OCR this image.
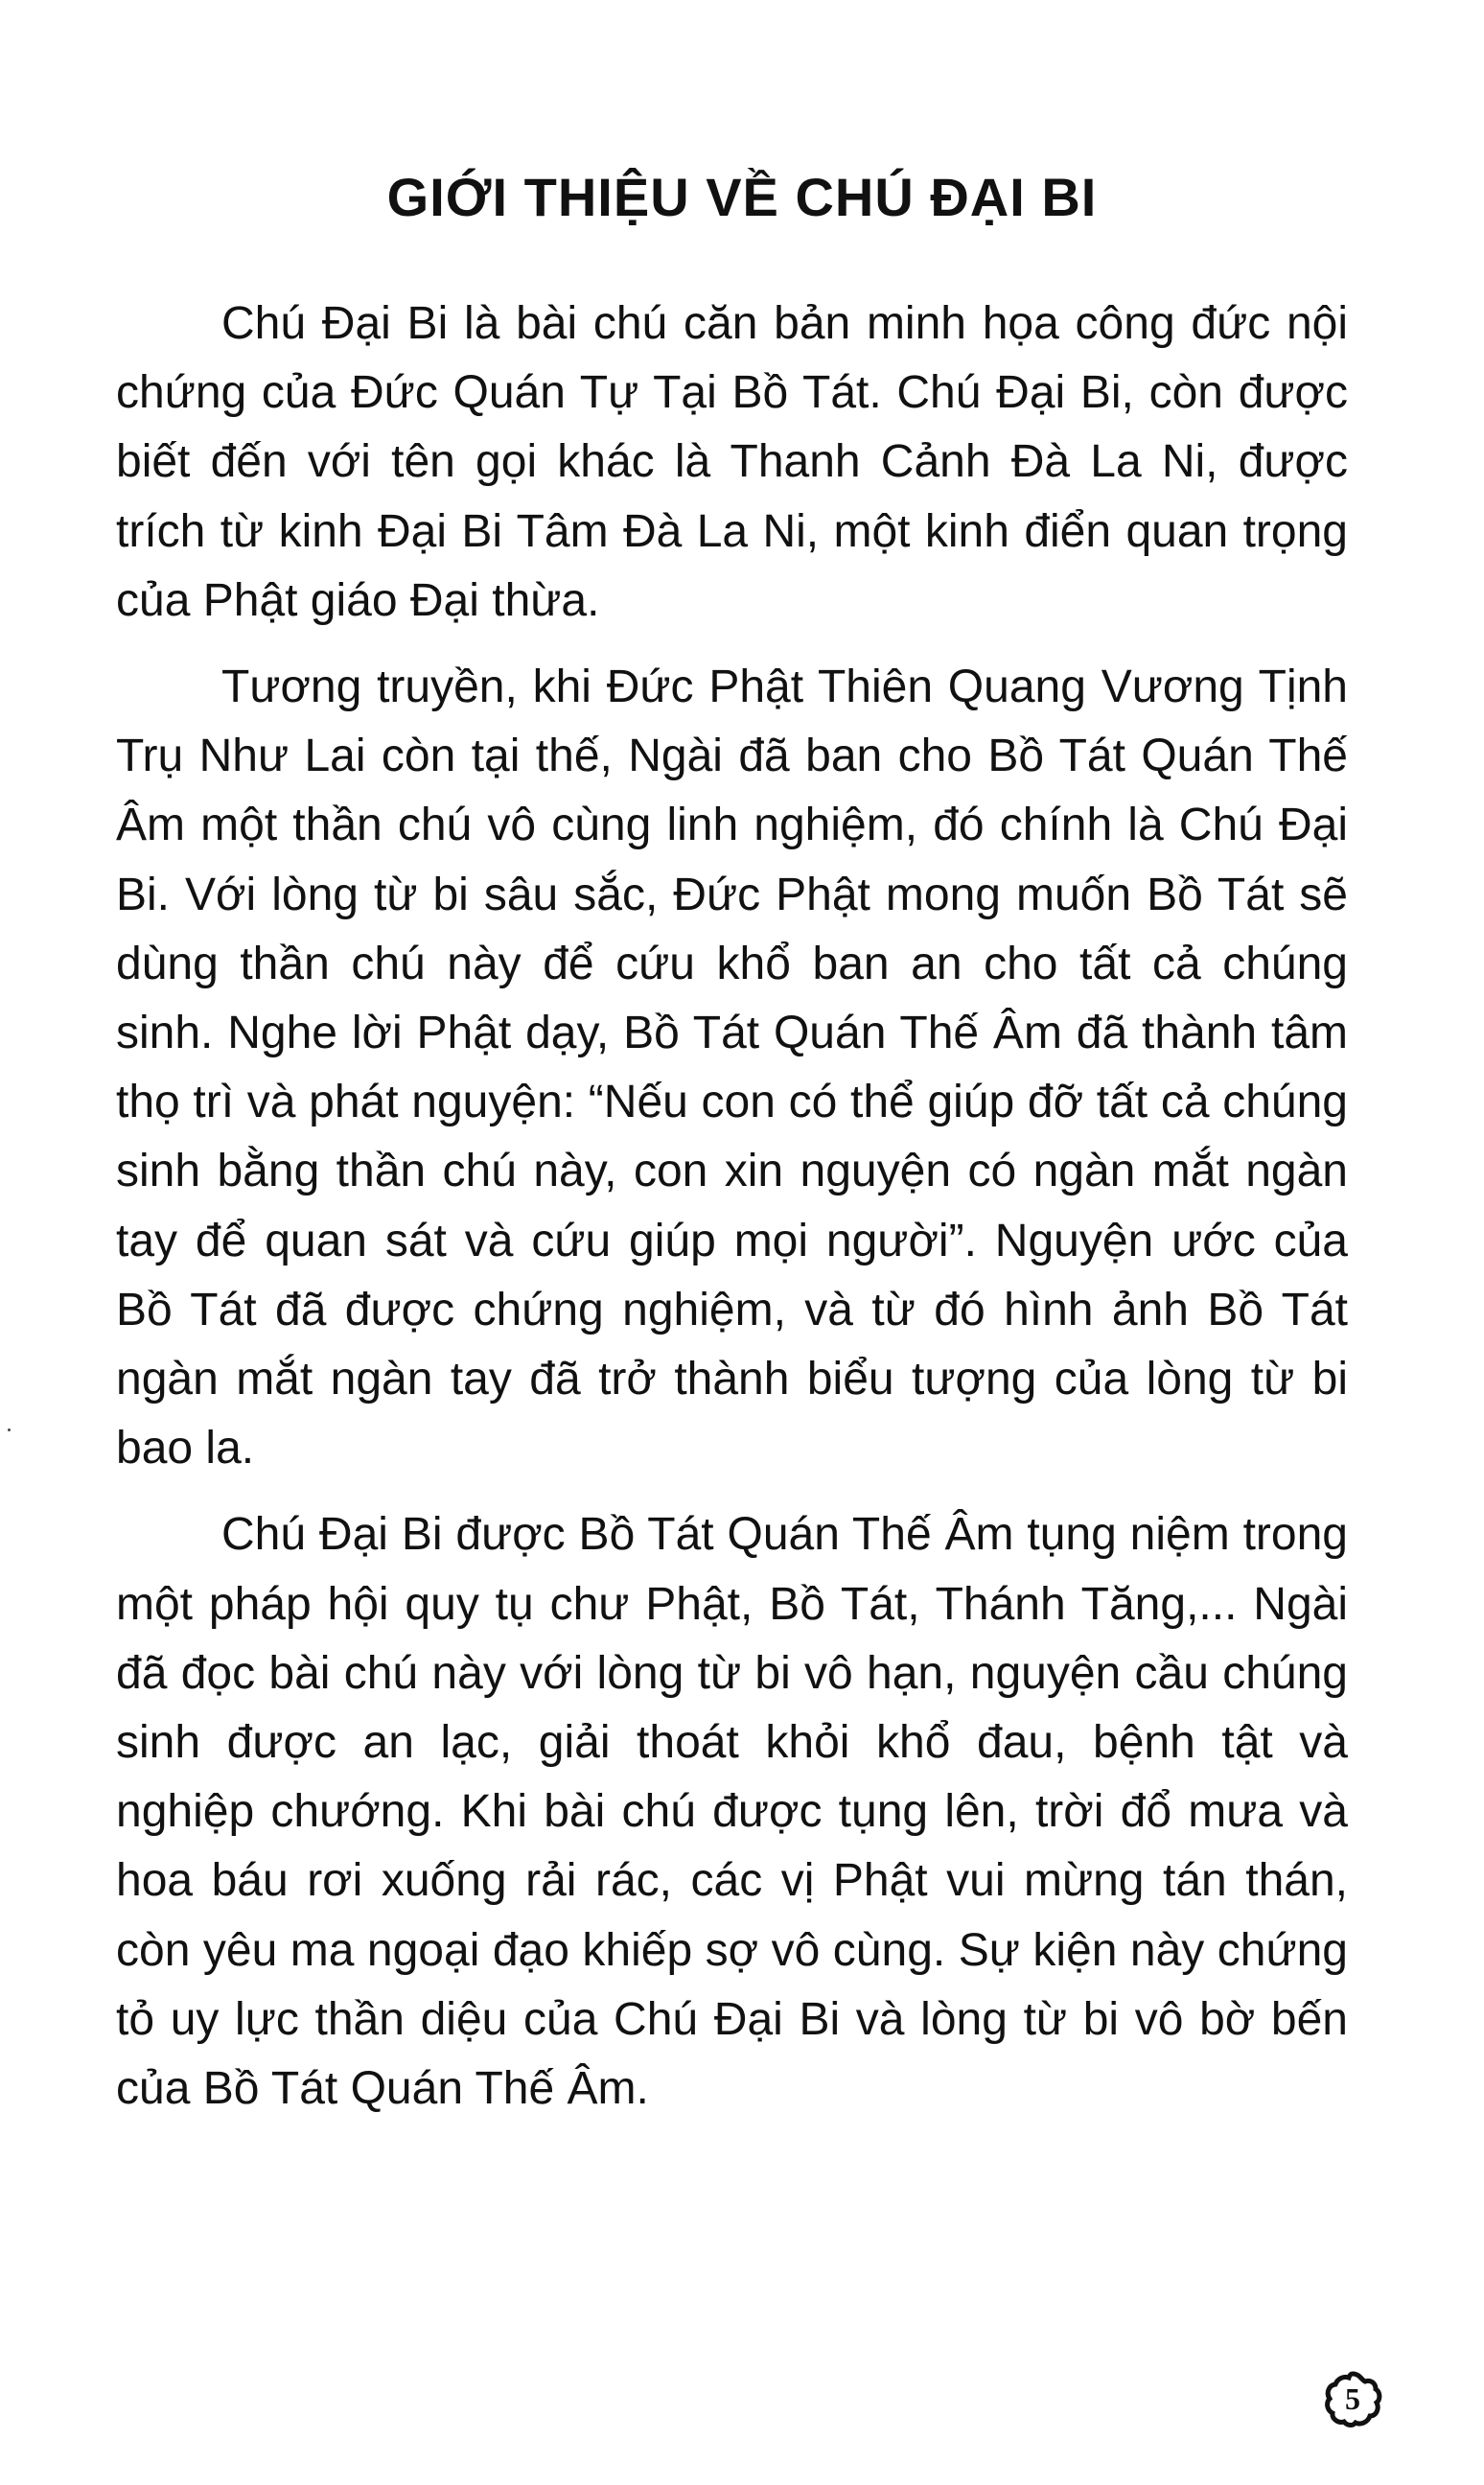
GIỚI THIỆU VỀ CHÚ ĐẠI BI

Chú Đại Bi là bài chú căn bản minh họa công đức nội chứng của Đức Quán Tự Tại Bồ Tát. Chú Đại Bi, còn được biết đến với tên gọi khác là Thanh Cảnh Đà La Ni, được trích từ kinh Đại Bi Tâm Đà La Ni, một kinh điển quan trọng của Phật giáo Đại thừa.

Tương truyền, khi Đức Phật Thiên Quang Vương Tịnh Trụ Như Lai còn tại thế, Ngài đã ban cho Bồ Tát Quán Thế Âm một thần chú vô cùng linh nghiệm, đó chính là Chú Đại Bi. Với lòng từ bi sâu sắc, Đức Phật mong muốn Bồ Tát sẽ dùng thần chú này để cứu khổ ban an cho tất cả chúng sinh. Nghe lời Phật dạy, Bồ Tát Quán Thế Âm đã thành tâm thọ trì và phát nguyện: “Nếu con có thể giúp đỡ tất cả chúng sinh bằng thần chú này, con xin nguyện có ngàn mắt ngàn tay để quan sát và cứu giúp mọi người”. Nguyện ước của Bồ Tát đã được chứng nghiệm, và từ đó hình ảnh Bồ Tát ngàn mắt ngàn tay đã trở thành biểu tượng của lòng từ bi bao la.

Chú Đại Bi được Bồ Tát Quán Thế Âm tụng niệm trong một pháp hội quy tụ chư Phật, Bồ Tát, Thánh Tăng,... Ngài đã đọc bài chú này với lòng từ bi vô hạn, nguyện cầu chúng sinh được an lạc, giải thoát khỏi khổ đau, bệnh tật và nghiệp chướng. Khi bài chú được tụng lên, trời đổ mưa và hoa báu rơi xuống rải rác, các vị Phật vui mừng tán thán, còn yêu ma ngoại đạo khiếp sợ vô cùng. Sự kiện này chứng tỏ uy lực thần diệu của Chú Đại Bi và lòng từ bi vô bờ bến của Bồ Tát Quán Thế Âm.

5
